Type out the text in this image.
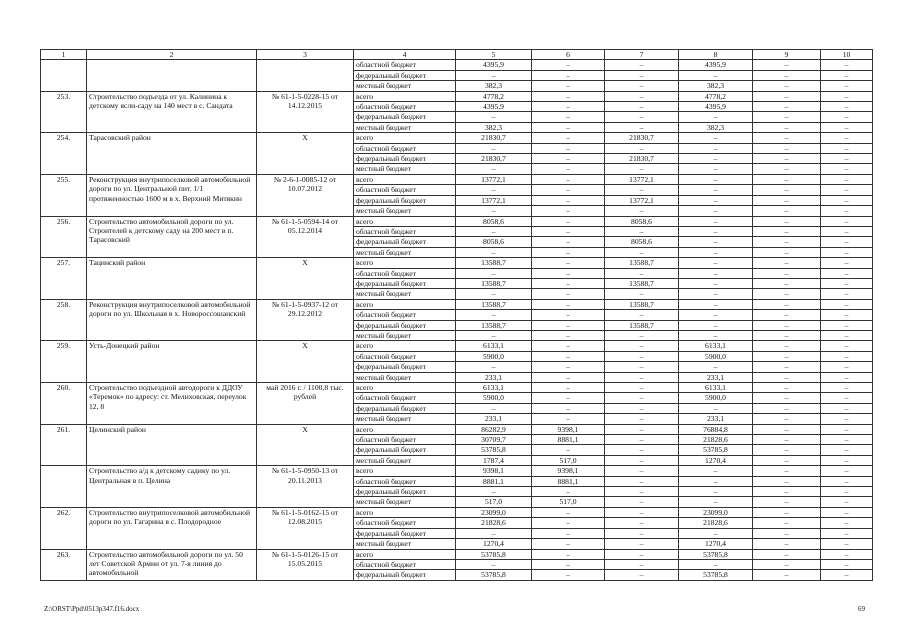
1	2	3	4	5	6	7	8	9	10
			областной бюджет	4395,9	–	–	4395,9	–	–
			федеральный бюджет	–	–	–	–	–	–
			местный бюджет	382,3	–	–	382,3	–	–
253.	Строительство подъезда от ул. Калинина к детскому ясли-саду на 140 мест в с. Сандата	№ 61-1-5-0228-15 от 14.12.2015	всего	4778,2	–	–	4778,2	–	–
			областной бюджет	4395,9	–	–	4395,9	–	–
			федеральный бюджет	–	–	–	–	–	–
			местный бюджет	382,3	–	–	382,3	–	–
254.	Тарасовский район	X	всего	21830,7	–	21830,7	–	–	–
			областной бюджет	–	–	–	–	–	–
			федеральный бюджет	21830,7	–	21830,7	–	–	–
			местный бюджет	–	–	–	–	–	–
255.	Реконструкция внутрипоселковой автомобильной дороги по ул. Центральной пит. 1/1 протяженностью 1600 м в х. Верхний Митякин	№ 2-6-1-0085-12 от 10.07.2012	всего	13772,1	–	13772,1	–	–	–
			областной бюджет	–	–	–	–	–	–
			федеральный бюджет	13772,1	–	13772,1	–	–	–
			местный бюджет	–	–	–	–	–	–
256.	Строительство автомобильной дороги по ул. Строителей к детскому саду на 200 мест в п. Тарасовский	№ 61-1-5-0594-14 от 05.12.2014	всего	8058,6	–	8058,6	–	–	–
			областной бюджет	–	–	–	–	–	–
			федеральный бюджет	8058,6	–	8058,6	–	–	–
			местный бюджет	–	–	–	–	–	–
257.	Тацинский район	X	всего	13588,7	–	13588,7	–	–	–
			областной бюджет	–	–	–	–	–	–
			федеральный бюджет	13588,7	–	13588,7	–	–	–
			местный бюджет	–	–	–	–	–	–
258.	Реконструкция внутрипоселковой автомобильной дороги по ул. Школьная в х. Новороссошанский	№ 61-1-5-0937-12 от 29.12.2012	всего	13588,7	–	13588,7	–	–	–
			областной бюджет	–	–	–	–	–	–
			федеральный бюджет	13588,7	–	13588,7	–	–	–
			местный бюджет	–	–	–	–	–	–
259.	Усть-Донецкий район	X	всего	6133,1	–	–	6133,1	–	–
			областной бюджет	5900,0	–	–	5900,0	–	–
			федеральный бюджет	–	–	–	–	–	–
			местный бюджет	233,1	–	–	233,1	–	–
260.	Строительство подъездной автодороги к ДДОУ «Теремок» по адресу: ст. Мелиховская, переулок 12, 8	май 2016 г. / 1100,8 тыс. рублей	всего	6133,1	–	–	6133,1	–	–
			областной бюджет	5900,0	–	–	5900,0	–	–
			федеральный бюджет	–	–	–	–	–	–
			местный бюджет	233,1	–	–	233,1	–	–
261.	Целинский район	X	всего	86282,9	9398,1	–	76884,8	–	–
			областной бюджет	30709,7	8881,1	–	21828,6	–	–
			федеральный бюджет	53785,8	–	–	53785,8	–	–
			местный бюджет	1787,4	517,0	–	1270,4	–	–
	Строительство а/д к детскому садику по ул. Центральная в п. Целина	№ 61-1-5-0950-13 от 20.11.2013	всего	9398,1	9398,1	–	–	–	–
			областной бюджет	8881,1	8881,1	–	–	–	–
			федеральный бюджет	–	–	–	–	–	–
			местный бюджет	517,0	517,0	–	–	–	–
262.	Строительство внутрипоселковой автомобильной дороги по ул. Гагарина в с. Плодородное	№ 61-1-5-0162-15 от 12.08.2015	всего	23099,0	–	–	23099,0	–	–
			областной бюджет	21828,6	–	–	21828,6	–	–
			федеральный бюджет	–	–	–	–	–	–
			местный бюджет	1270,4	–	–	1270,4	–	–
263.	Строительство автомобильной дороги по ул. 50 лет Советской Армии от ул. 7-я линия до автомобильной	№ 61-1-5-0126-15 от 15.05.2015	всего	53785,8	–	–	53785,8	–	–
			областной бюджет	–	–	–	–	–	–
			федеральный бюджет	53785,8	–	–	53785,8	–	–
Z:\ORST\Ppd\0513p347.f16.docx	69
